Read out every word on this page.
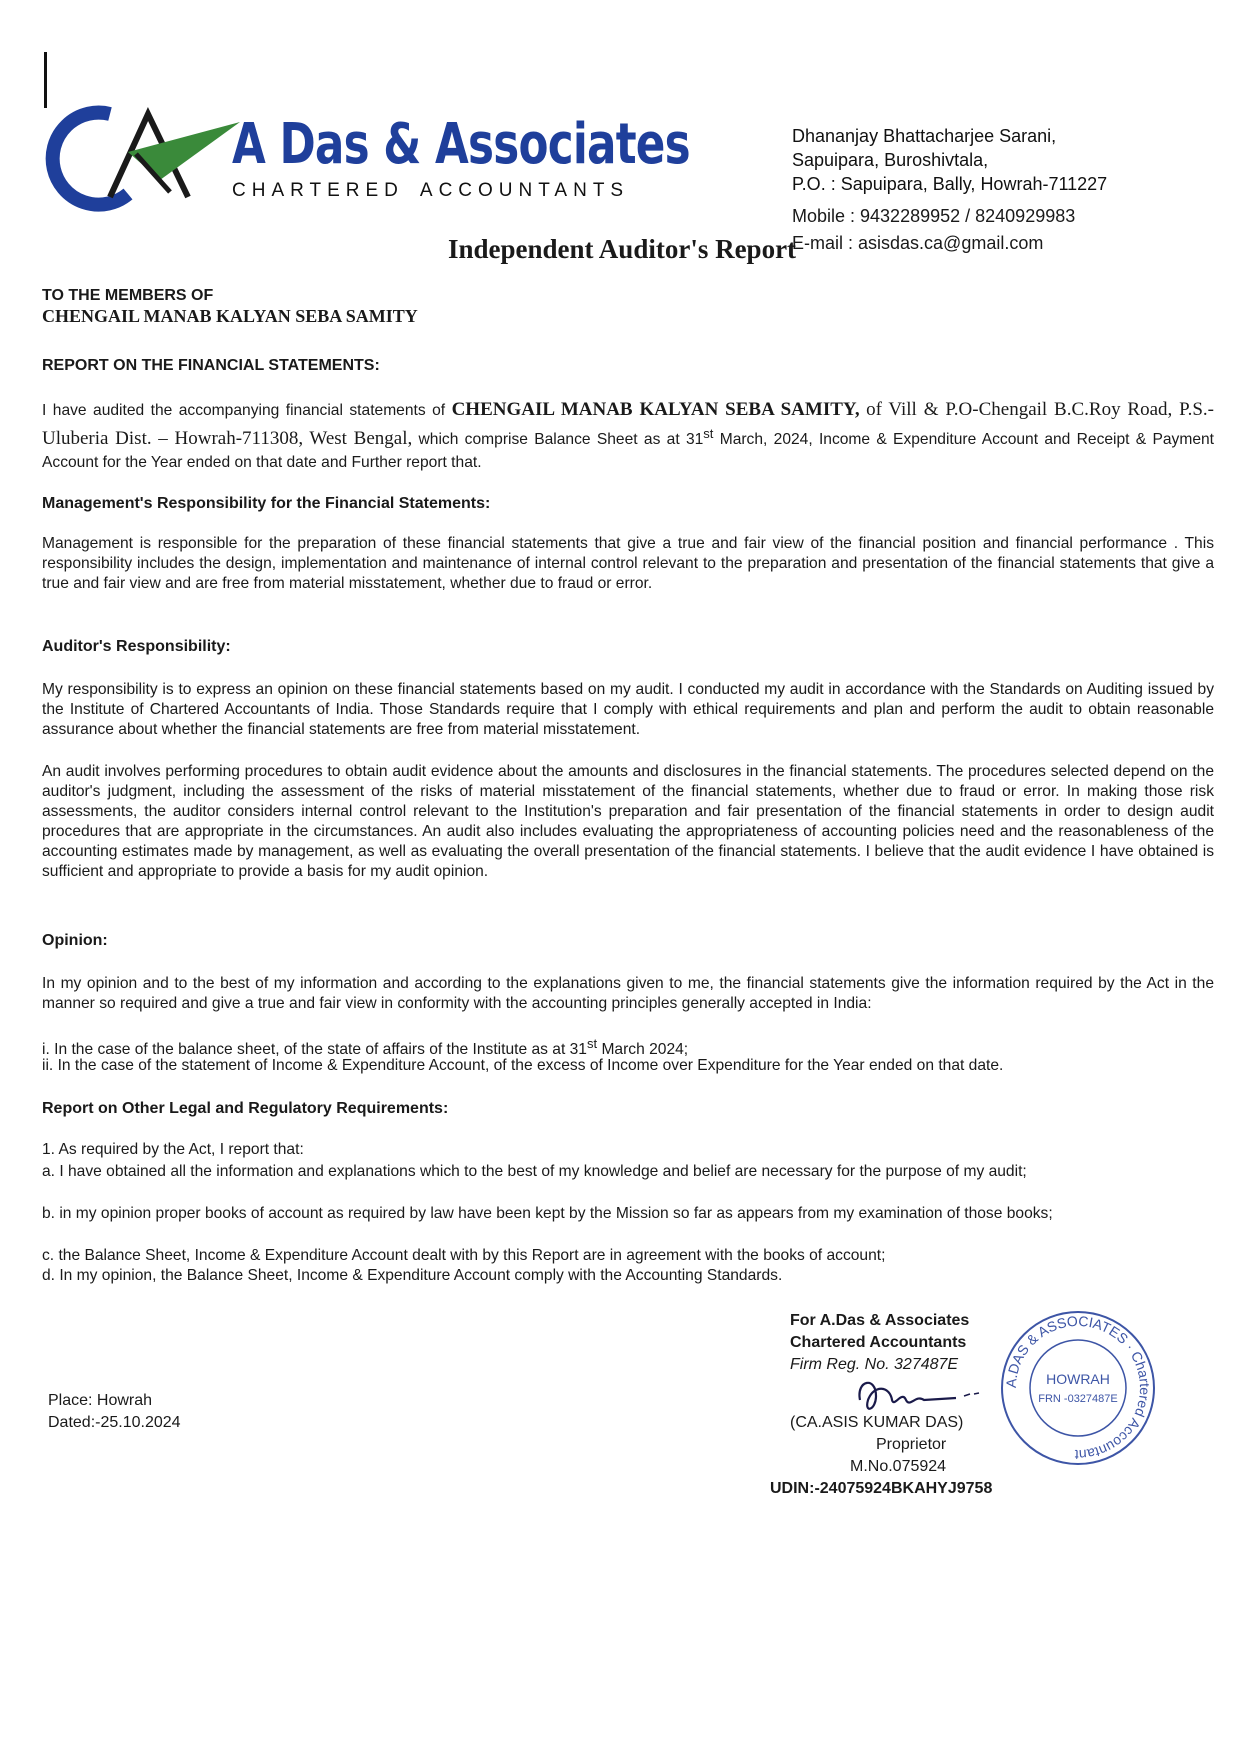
A Das & Associates
CHARTERED ACCOUNTANTS
Dhananjay Bhattacharjee Sarani,
Sapuipara, Buroshivtala,
P.O. : Sapuipara, Bally, Howrah-711227
Mobile : 9432289952 / 8240929983
E-mail : asisdas.ca@gmail.com
Independent Auditor's Report
TO THE MEMBERS OF
CHENGAIL MANAB KALYAN SEBA SAMITY
REPORT ON THE FINANCIAL STATEMENTS:
I have audited the accompanying financial statements of CHENGAIL MANAB KALYAN SEBA SAMITY, of Vill & P.O-Chengail B.C.Roy Road, P.S.-Uluberia Dist. – Howrah-711308, West Bengal, which comprise Balance Sheet as at 31st March, 2024, Income & Expenditure Account and Receipt & Payment Account for the Year ended on that date and Further report that.
Management's Responsibility for the Financial Statements:
Management is responsible for the preparation of these financial statements that give a true and fair view of the financial position and financial performance . This responsibility includes the design, implementation and maintenance of internal control relevant to the preparation and presentation of the financial statements that give a true and fair view and are free from material misstatement, whether due to fraud or error.
Auditor's Responsibility:
My responsibility is to express an opinion on these financial statements based on my audit. I conducted my audit in accordance with the Standards on Auditing issued by the Institute of Chartered Accountants of India. Those Standards require that I comply with ethical requirements and plan and perform the audit to obtain reasonable assurance about whether the financial statements are free from material misstatement.
An audit involves performing procedures to obtain audit evidence about the amounts and disclosures in the financial statements. The procedures selected depend on the auditor's judgment, including the assessment of the risks of material misstatement of the financial statements, whether due to fraud or error. In making those risk assessments, the auditor considers internal control relevant to the Institution's preparation and fair presentation of the financial statements in order to design audit procedures that are appropriate in the circumstances. An audit also includes evaluating the appropriateness of accounting policies need and the reasonableness of the accounting estimates made by management, as well as evaluating the overall presentation of the financial statements. I believe that the audit evidence I have obtained is sufficient and appropriate to provide a basis for my audit opinion.
Opinion:
In my opinion and to the best of my information and according to the explanations given to me, the financial statements give the information required by the Act in the manner so required and give a true and fair view in conformity with the accounting principles generally accepted in India:
i. In the case of the balance sheet, of the state of affairs of the Institute as at 31st March 2024;
ii. In the case of the statement of Income & Expenditure Account, of the excess of Income over Expenditure for the Year ended on that date.
Report on Other Legal and Regulatory Requirements:
1. As required by the Act, I report that:
a. I have obtained all the information and explanations which to the best of my knowledge and belief are necessary for the purpose of my audit;
b. in my opinion proper books of account as required by law have been kept by the Mission so far as appears from my examination of those books;
c. the Balance Sheet, Income & Expenditure Account dealt with by this Report are in agreement with the books of account;
d. In my opinion, the Balance Sheet, Income & Expenditure Account comply with the Accounting Standards.
A.DAS & ASSOCIATES · Chartered Accountant
HOWRAH
FRN -0327487E
For A.Das & Associates
Chartered Accountants
Firm Reg. No. 327487E
(CA.ASIS KUMAR DAS)
Proprietor
M.No.075924
UDIN:-24075924BKAHYJ9758
Place: Howrah
Dated:-25.10.2024
